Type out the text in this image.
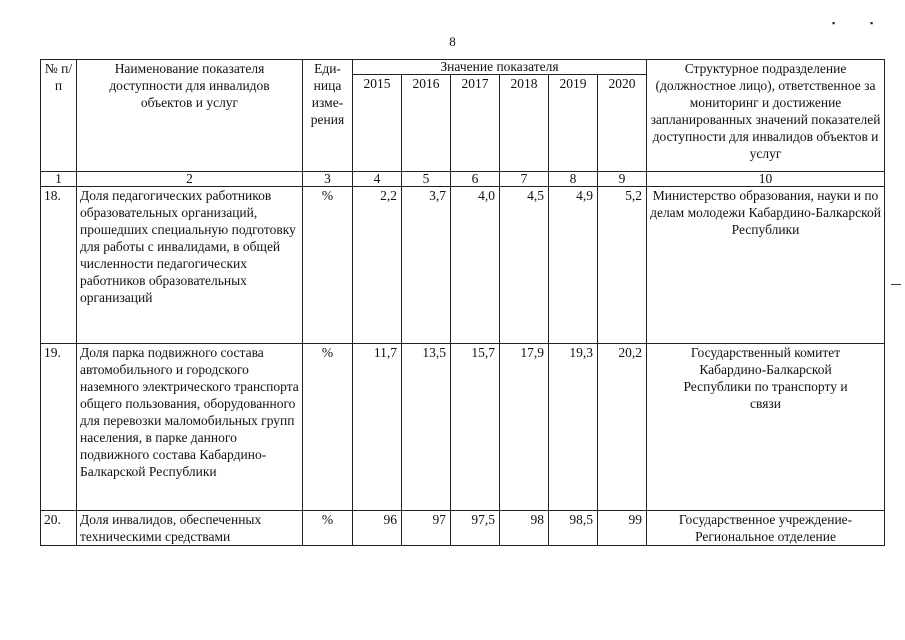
8
▪	▪
№ п/п	Наименование показателя доступности для инвалидов объектов и услуг	Еди-
ница
изме-
рения	Значение показателя						Структурное подразделение (должностное лицо), ответственное за мониторинг и достижение запланированных значений показателей доступности для инвалидов объектов и услуг
			2015	2016	2017	2018	2019	2020	
1	2	3	4	5	6	7	8	9	10
18.	Доля педагогических работников образовательных организаций, прошедших специальную подготовку для работы с инвалидами, в общей численности педагогических работников образовательных организаций	%	2,2	3,7	4,0	4,5	4,9	5,2	Министерство образования, науки и по делам молодежи Кабардино-Балкарской Республики
19.	Доля парка подвижного состава автомобильного и городского наземного электрического транспорта общего пользования, оборудованного для перевозки маломобильных групп населения, в парке данного подвижного состава Кабардино-Балкарской Республики	%	11,7	13,5	15,7	17,9	19,3	20,2	Государственный комитет Кабардино-Балкарской Республики по транспорту и связи
20.	Доля инвалидов, обеспеченных техническими средствами	%	96	97	97,5	98	98,5	99	Государственное учреждение-Региональное отделение
